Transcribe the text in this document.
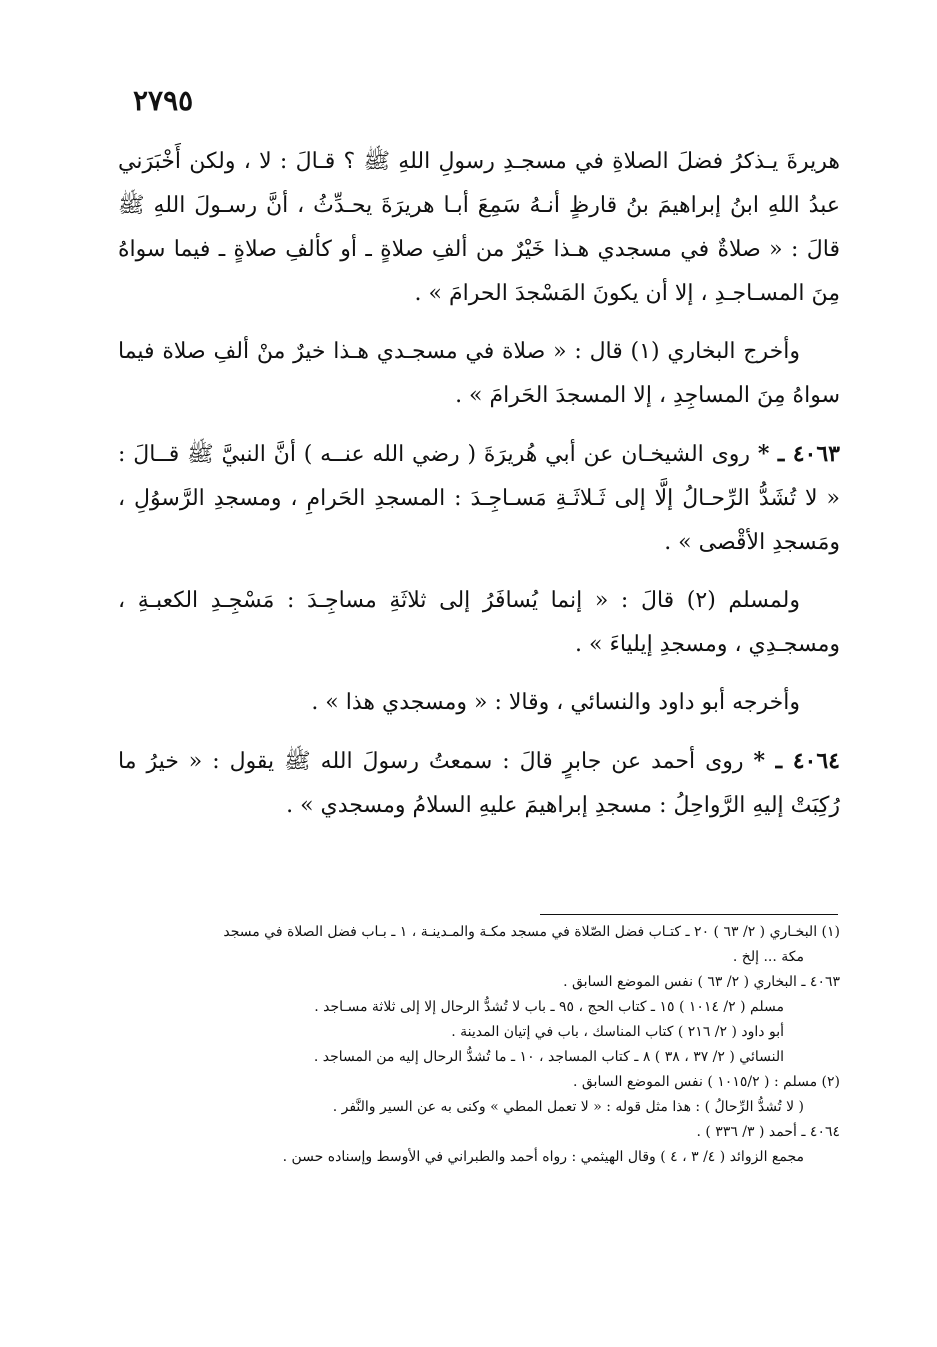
٢٧٩٥

هريرةَ يـذكرُ فضلَ الصلاةِ في مسجـدِ رسولِ اللهِ ﷺ ؟ قـالَ : لا ، ولكن أَخْبَرَني عبدُ اللهِ ابنُ إبراهيمَ بنُ قارظٍ أنـهُ سَمِعَ أبـا هريرَةَ يحـدِّثُ ، أنَّ رسـولَ اللهِ ﷺ قالَ : « صلاةٌ في مسجدي هـذا خَيْرٌ من ألفِ صلاةٍ ـ أو كألفِ صلاةٍ ـ فيما سواهُ مِنَ المسـاجـدِ ، إلا أن يكونَ المَسْجدَ الحرامَ » .

وأخرج البخاري (١) قال : « صلاة في مسجـدي هـذا خيرٌ منْ ألفِ صلاة فيما سواهُ مِنَ المساجِدِ ، إلا المسجدَ الحَرامَ » .

٤٠٦٣ ـ * روى الشيخـان عن أبي هُريرَةَ ( رضي الله عنــه ) أنَّ النبيَّ ﷺ قــالَ : « لا تُشَدُّ الرِّحـالُ إلَّا إلى ثَـلاثَـةِ مَسـاجِـدَ : المسجدِ الحَرامِ ، ومسجدِ الرَّسوُلِ ، ومَسجدِ الأقْصى » .

ولمسلم (٢) قالَ : « إنما يُسافَرُ إلى ثلاثَةِ مساجِـدَ : مَسْجِـدِ الكعبـةِ ، ومسجـدِي ، ومسجدِ إيلياءَ » .

وأخرجه أبو داود والنسائي ، وقالا : « ومسجدي هذا » .

٤٠٦٤ ـ * روى أحمد عن جابرٍ قالَ : سمعتُ رسولَ الله ﷺ يقول : « خيرُ ما رُكِبَتْ إليهِ الرَّواحِلُ : مسجدِ إبراهيمَ عليهِ السلامُ ومسجدي » .

(١) البخـاري ( ٢/ ٦٣ ) ٢٠ ـ كتـاب فضل الصّلاة في مسجد مكـة والمـدينـة ، ١ ـ بـاب فضل الصلاة في مسجد
مكة ... إلخ .
٤٠٦٣ ـ البخاري ( ٢/ ٦٣ ) نفس الموضع السابق .
مسلم ( ٢/ ١٠١٤ ) ١٥ ـ كتاب الحج ، ٩٥ ـ باب لا تُشدُّ الرحال إلا إلى ثلاثة مسـاجد .
أبو داود ( ٢/ ٢١٦ ) كتاب المناسك ، باب في إتيان المدينة .
النسائي ( ٢/ ٣٧ ، ٣٨ ) ٨ ـ كتاب المساجد ، ١٠ ـ ما تُشدُّ الرحال إليه من المساجد .
(٢) مسلم : ( ١٠١٥/٢ ) نفس الموضع السابق .
( لا تُشدُّ الرِّحالُ ) : هذا مثل قوله : « لا تعمل المطي » وكنى به عن السير والنَّفر .
٤٠٦٤ ـ أحمد ( ٣/ ٣٣٦ ) .
مجمع الزوائد ( ٤/ ٣ ، ٤ ) وقال الهيثمي : رواه أحمد والطبراني في الأوسط وإسناده حسن .
